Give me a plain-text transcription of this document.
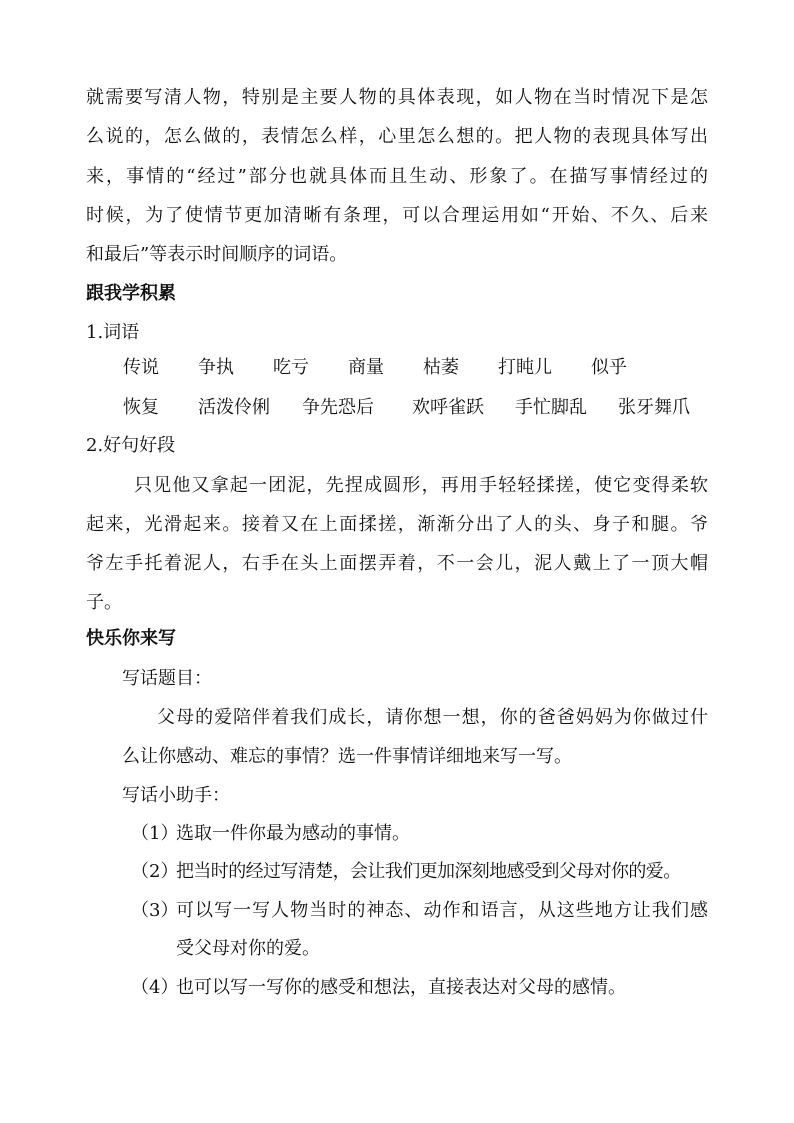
就需要写清人物，特别是主要人物的具体表现，如人物在当时情况下是怎
么说的，怎么做的，表情怎么样，心里怎么想的。把人物的表现具体写出
来，事情的“经过”部分也就具体而且生动、形象了。在描写事情经过的
时候，为了使情节更加清晰有条理，可以合理运用如“开始、不久、后来
和最后”等表示时间顺序的词语。
跟我学积累
1.词语
传说 争执 吃亏 商量 枯萎 打盹儿 似乎
恢复 活泼伶俐 争先恐后 欢呼雀跃 手忙脚乱 张牙舞爪
2.好句好段
只见他又拿起一团泥，先捏成圆形，再用手轻轻揉搓，使它变得柔软
起来，光滑起来。接着又在上面揉搓，渐渐分出了人的头、身子和腿。爷
爷左手托着泥人，右手在头上面摆弄着，不一会儿，泥人戴上了一顶大帽
子。
快乐你来写
写话题目：
父母的爱陪伴着我们成长，请你想一想，你的爸爸妈妈为你做过什
么让你感动、难忘的事情？选一件事情详细地来写一写。
写话小助手：
（1）
选取一件你最为感动的事情。
（2）
把当时的经过写清楚，会让我们更加深刻地感受到父母对你的爱。
（3）
可以写一写人物当时的神态、动作和语言，从这些地方让我们感
受父母对你的爱。
（4）
也可以写一写你的感受和想法，直接表达对父母的感情。
